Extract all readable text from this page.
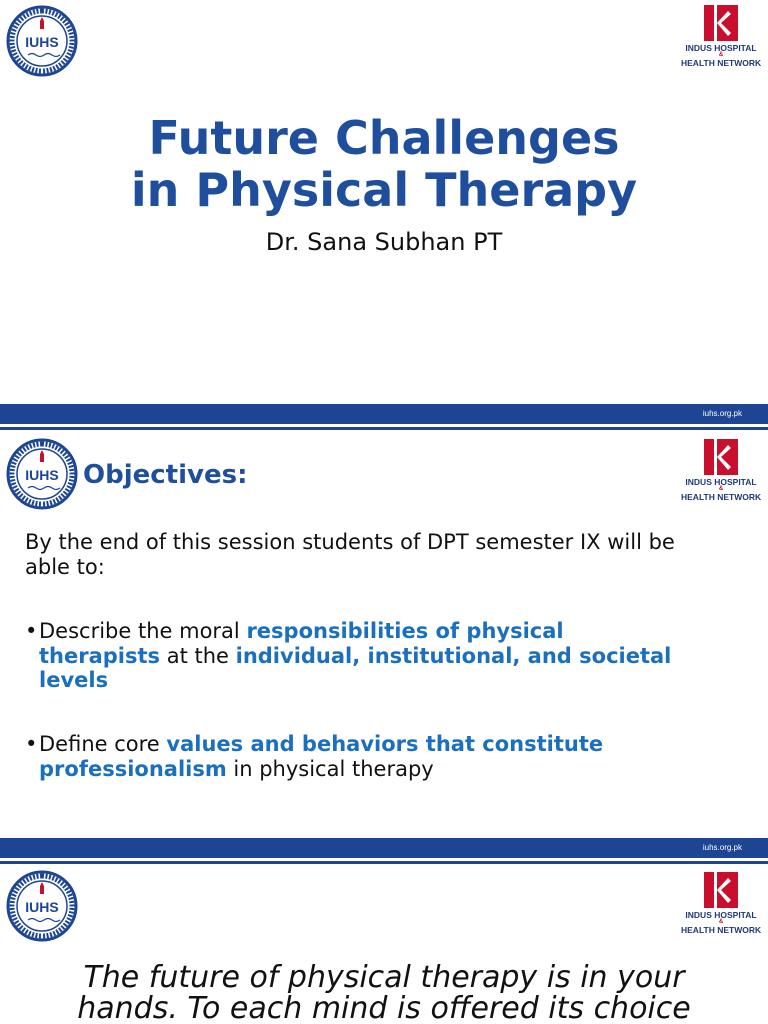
IUHS	INDUS HOSPITAL
&
HEALTH NETWORK
Future Challenges
in Physical Therapy

Dr. Sana Subhan PT

iuhs.org.pk
IUHS	INDUS HOSPITAL
&
HEALTH NETWORK
Objectives:

By the end of this session students of DPT semester IX will be able to:

• Describe the moral responsibilities of physical therapists at the individual, institutional, and societal levels

• Define core values and behaviors that constitute professionalism in physical therapy

iuhs.org.pk
IUHS	INDUS HOSPITAL
&
HEALTH NETWORK

The future of physical therapy is in your
hands. To each mind is offered its choice
